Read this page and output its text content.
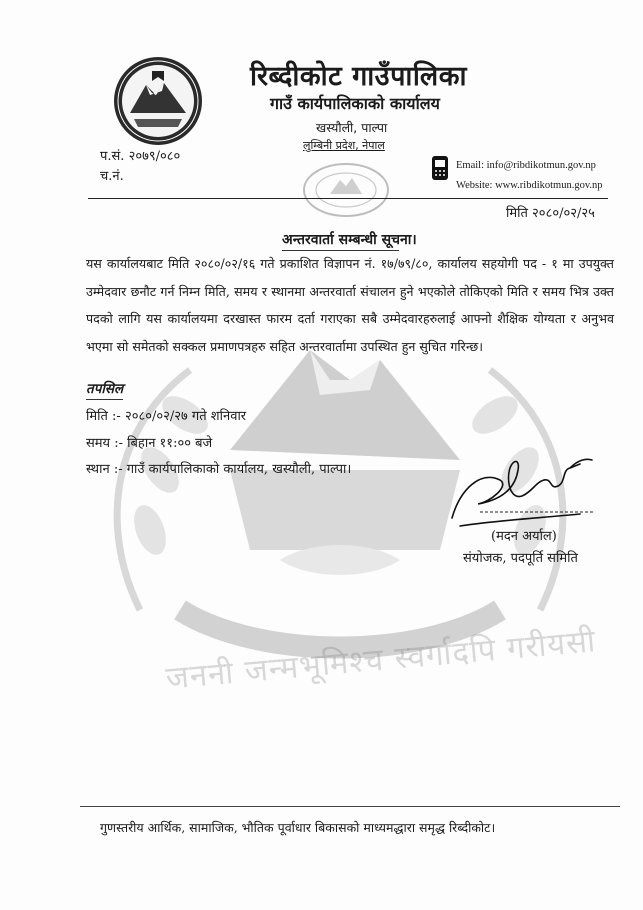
रिब्दीकोट गाउँपालिका
गाउँ कार्यपालिकाको कार्यालय
खस्यौली, पाल्पा
लुम्बिनी प्रदेश, नेपाल
प.सं. २०७९/०८०
च.नं.
Email: info@ribdikotmun.gov.np
Website: www.ribdikotmun.gov.np
मिति २०८०/०२/२५
अन्तरवार्ता सम्बन्धी सूचना।

यस कार्यालयबाट मिति २०८०/०२/१६ गते प्रकाशित विज्ञापन नं. १७/७९/८०, कार्यालय सहयोगी पद - १ मा उपयुक्त उम्मेदवार छनौट गर्न निम्न मिति, समय र स्थानमा अन्तरवार्ता संचालन हुने भएकोले तोकिएको मिति र समय भित्र उक्त पदको लागि यस कार्यालयमा दरखास्त फारम दर्ता गराएका सबै उम्मेदवारहरुलाई आफ्नो शैक्षिक योग्यता र अनुभव भएमा सो समेतको सक्कल प्रमाणपत्रहरु सहित अन्तरवार्तामा उपस्थित हुन सुचित गरिन्छ।

तपसिल
मिति :- २०८०/०२/२७ गते शनिवार
समय :- बिहान ११:०० बजे
स्थान :- गाउँ कार्यपालिकाको कार्यालय, खस्यौली, पाल्पा।
(मदन अर्याल)
संयोजक, पदपूर्ति समिति
जननी जन्मभूमिश्च स्वर्गादपि गरीयसी
गुणस्तरीय आर्थिक, सामाजिक, भौतिक पूर्वाधार बिकासको माध्यमद्धारा समृद्ध रिब्दीकोट।
